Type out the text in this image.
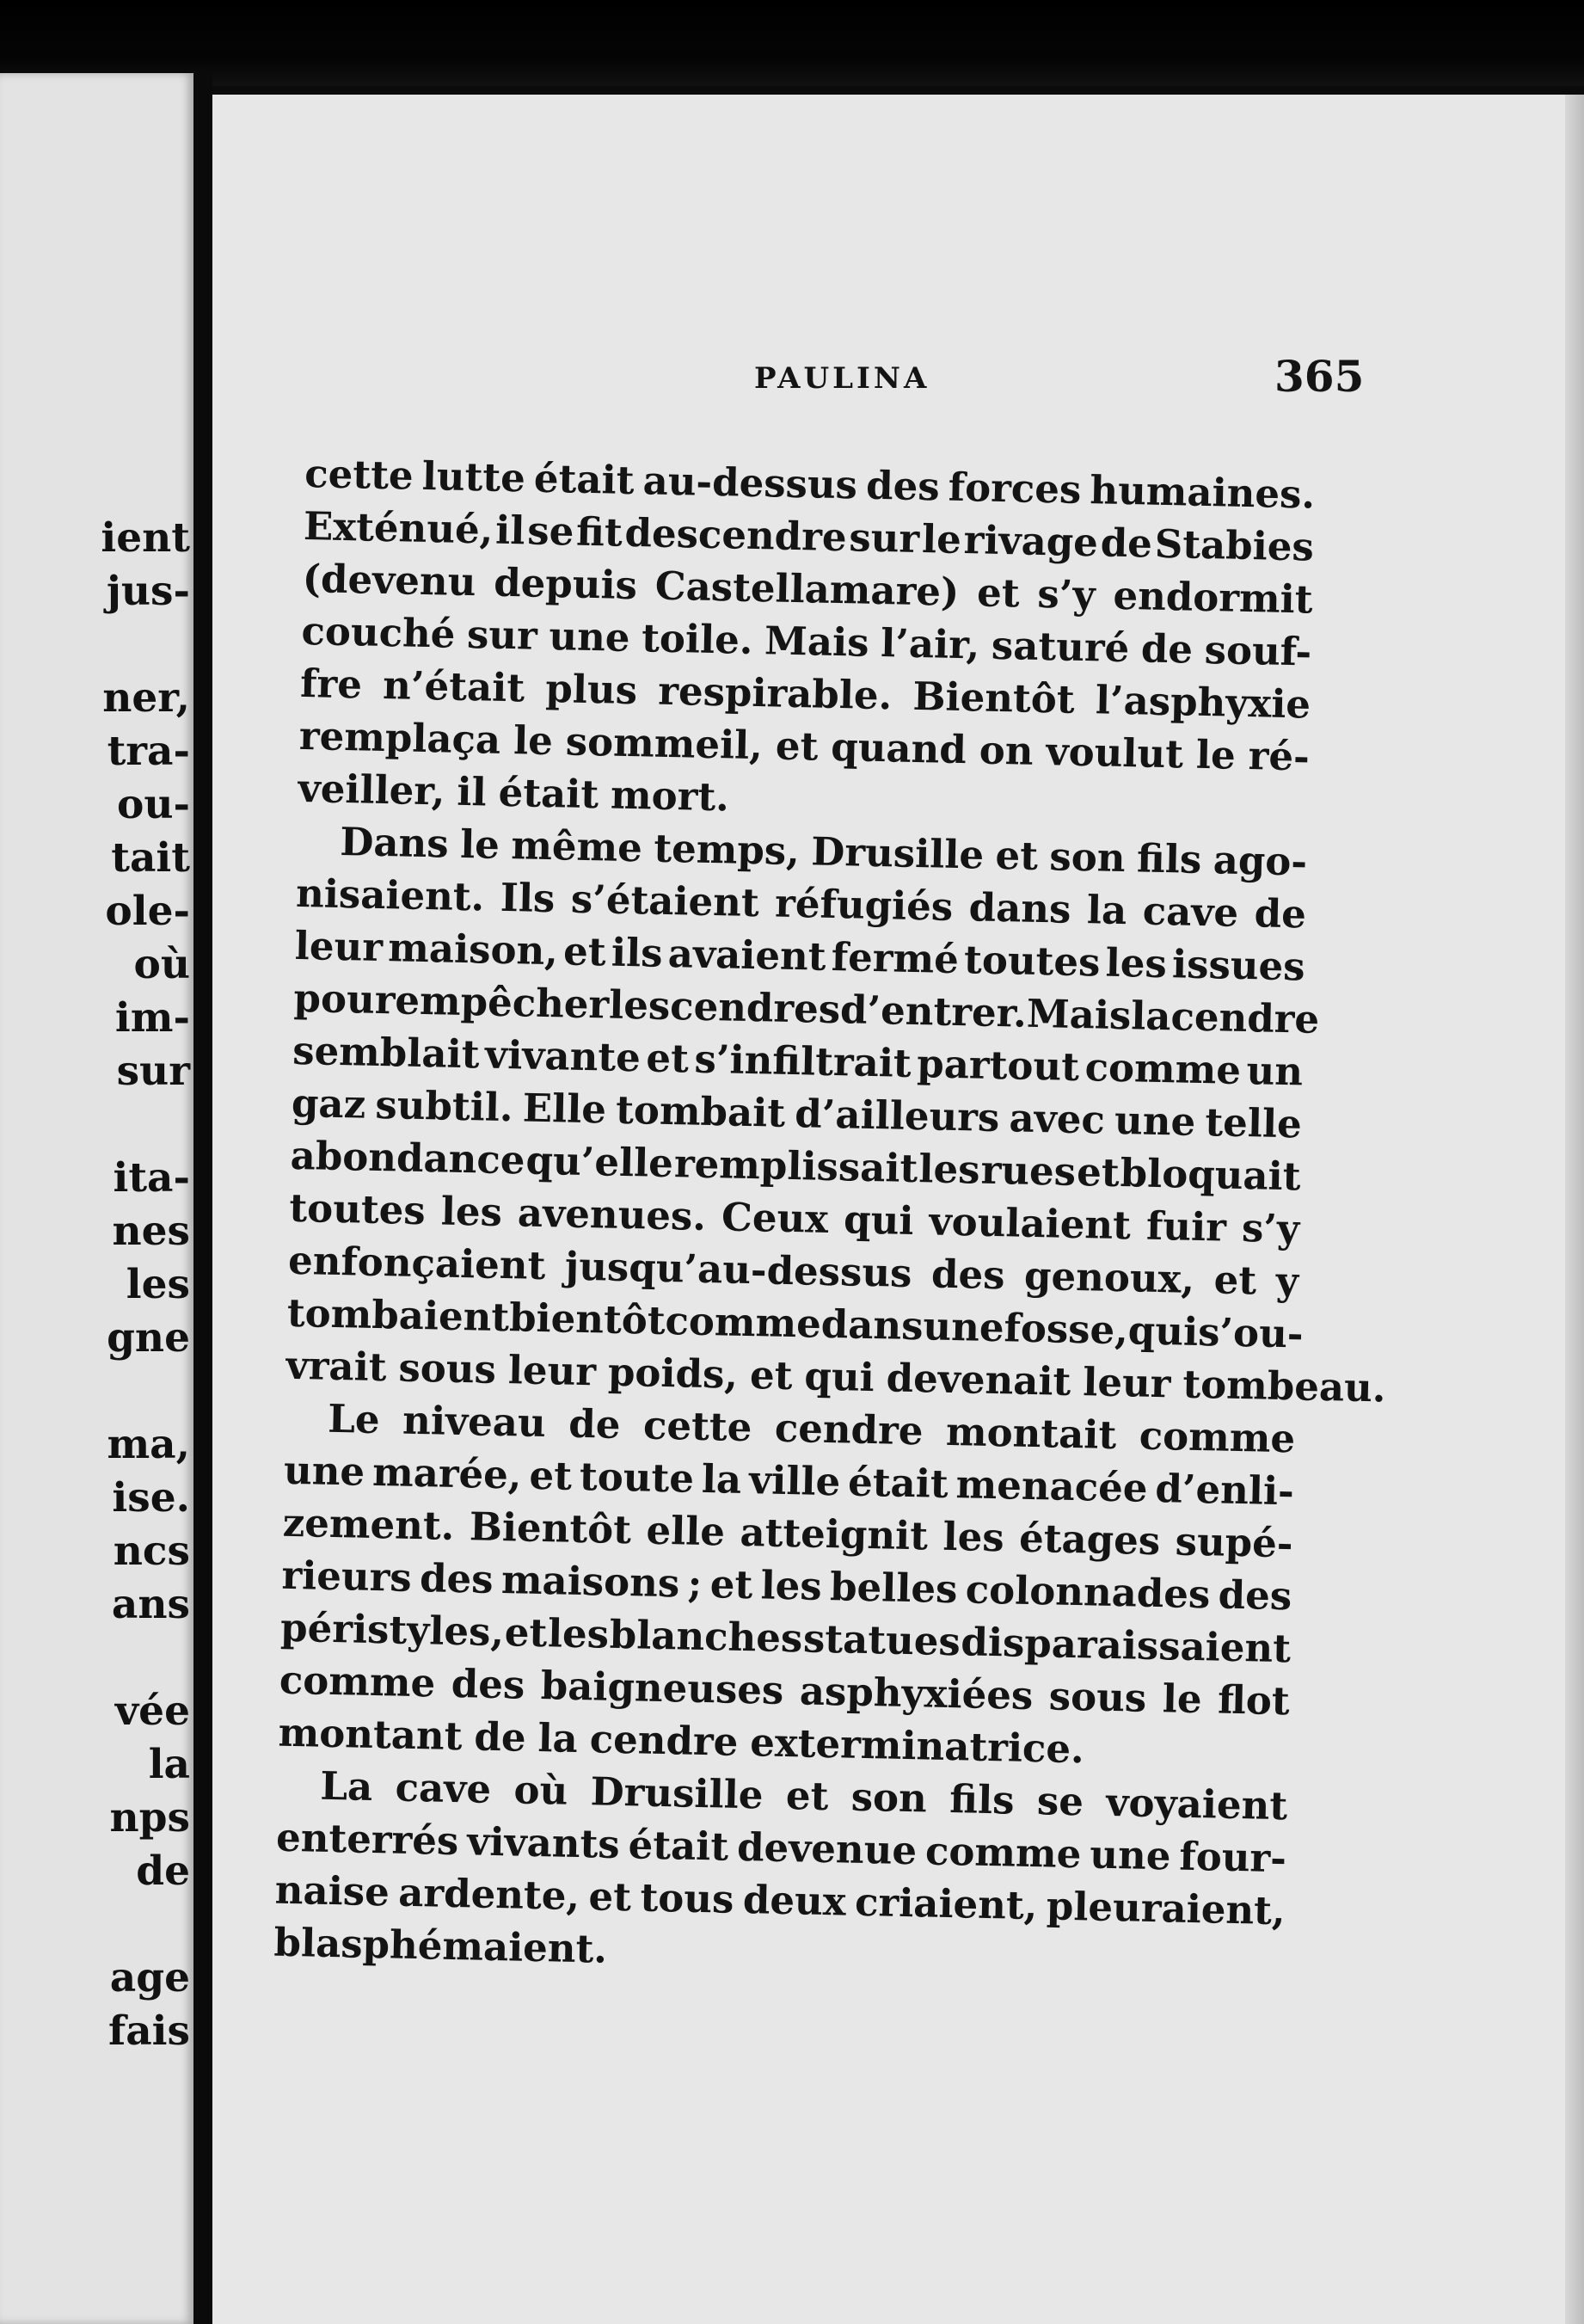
ient
jus-
ner,
tra-
ou-
tait
ole-
où
im-
sur
ita-
nes
les
gne
ma,
ise.
ncs
ans
vée
la
nps
de
age
fais
PAULINA	365
cette lutte était au-dessus des forces humaines.
Exténué, il se fit descendre sur le rivage de Stabies
(devenu depuis Castellamare) et s’y endormit
couché sur une toile. Mais l’air, saturé de souf-
fre n’était plus respirable. Bientôt l’asphyxie
remplaça le sommeil, et quand on voulut le ré-
veiller, il était mort.
Dans le même temps, Drusille et son fils ago-
nisaient. Ils s’étaient réfugiés dans la cave de
leur maison, et ils avaient fermé toutes les issues
pour
empêcher
les
cendres
d’entrer.
Mais
la
cendre
semblait vivante et s’infiltrait partout comme un
gaz subtil. Elle tombait d’ailleurs avec une telle
abondance qu’elle remplissait les rues et bloquait
toutes les avenues. Ceux qui voulaient fuir s’y
enfonçaient jusqu’au-dessus des genoux, et y
tombaient
bientôt
comme
dans
une
fosse,
qui
s’ou-
vrait sous leur poids, et qui devenait leur tombeau.
Le niveau de cette cendre montait comme
une marée, et toute la ville était menacée d’enli-
zement. Bientôt elle atteignit les étages supé-
rieurs des maisons ; et les belles colonnades des
péristyles, et les blanches statues disparaissaient
comme des baigneuses asphyxiées sous le flot
montant de la cendre exterminatrice.
La cave où Drusille et son fils se voyaient
enterrés vivants était devenue comme une four-
naise ardente, et tous deux criaient, pleuraient,
blasphémaient.
